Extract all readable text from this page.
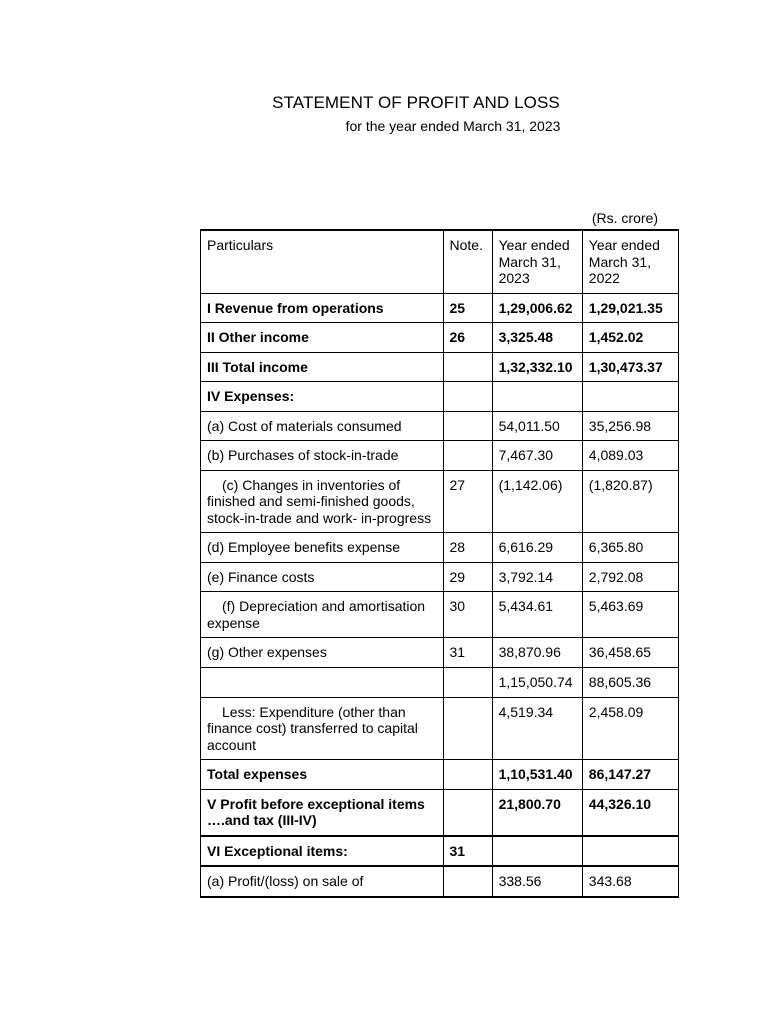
STATEMENT OF PROFIT AND LOSS
for the year ended March 31, 2023
(Rs. crore)
Particulars	Note.	Year ended March 31, 2023	Year ended March 31, 2022
I Revenue from operations	25	1,29,006.62	1,29,021.35
II Other income	26	3,325.48	1,452.02
III Total income		1,32,332.10	1,30,473.37
IV Expenses:			
(a) Cost of materials consumed		54,011.50	35,256.98
(b) Purchases of stock-in-trade		7,467.30	4,089.03
(c) Changes in inventories of finished and semi-finished goods, stock-in-trade and work- in-progress	27	(1,142.06)	(1,820.87)
(d) Employee benefits expense	28	6,616.29	6,365.80
(e) Finance costs	29	3,792.14	2,792.08
(f) Depreciation and amortisation expense	30	5,434.61	5,463.69
(g) Other expenses	31	38,870.96	36,458.65
		1,15,050.74	88,605.36
Less: Expenditure (other than finance cost) transferred to capital account		4,519.34	2,458.09
Total expenses		1,10,531.40	86,147.27
V Profit before exceptional items ….and tax (III-IV)		21,800.70	44,326.10
VI Exceptional items:	31		
(a) Profit/(loss) on sale of		338.56	343.68
